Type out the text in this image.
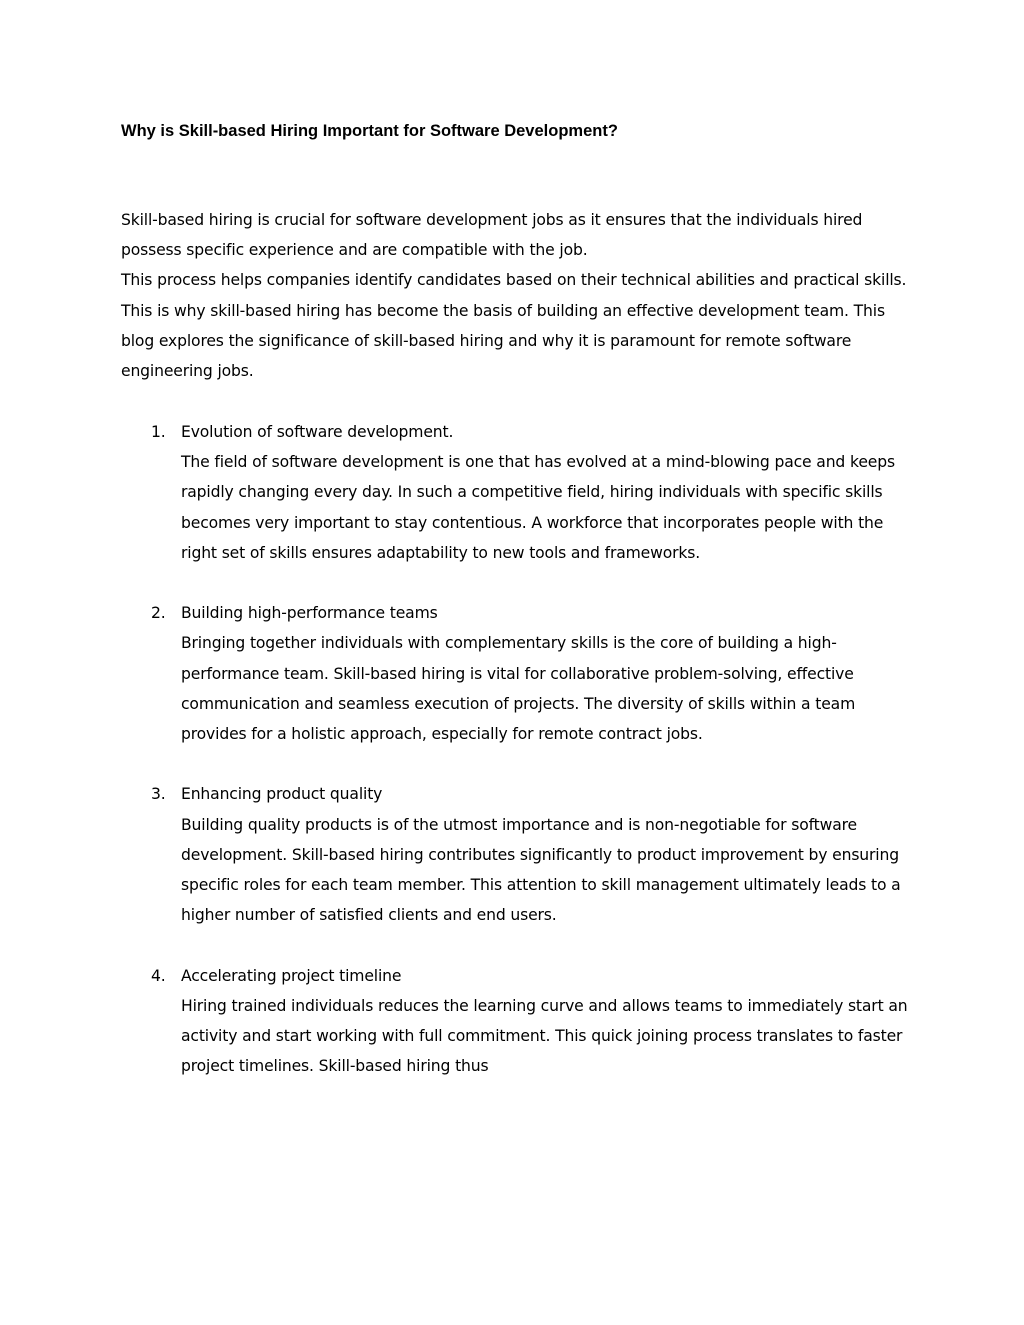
Why is Skill-based Hiring Important for Software Development?

Skill-based hiring is crucial for software development jobs as it ensures that the individuals hired possess specific experience and are compatible with the job.

This process helps companies identify candidates based on their technical abilities and practical skills. This is why skill-based hiring has become the basis of building an effective development team. This blog explores the significance of skill-based hiring and why it is paramount for remote software engineering jobs.

1. Evolution of software development.
The field of software development is one that has evolved at a mind-blowing pace and keeps rapidly changing every day. In such a competitive field, hiring individuals with specific skills becomes very important to stay contentious. A workforce that incorporates people with the right set of skills ensures adaptability to new tools and frameworks.
2. Building high-performance teams
Bringing together individuals with complementary skills is the core of building a high-performance team. Skill-based hiring is vital for collaborative problem-solving, effective communication and seamless execution of projects. The diversity of skills within a team provides for a holistic approach, especially for remote contract jobs.
3. Enhancing product quality
Building quality products is of the utmost importance and is non-negotiable for software development. Skill-based hiring contributes significantly to product improvement by ensuring specific roles for each team member. This attention to skill management ultimately leads to a higher number of satisfied clients and end users.
4. Accelerating project timeline
Hiring trained individuals reduces the learning curve and allows teams to immediately start an activity and start working with full commitment. This quick joining process translates to faster project timelines. Skill-based hiring thus
